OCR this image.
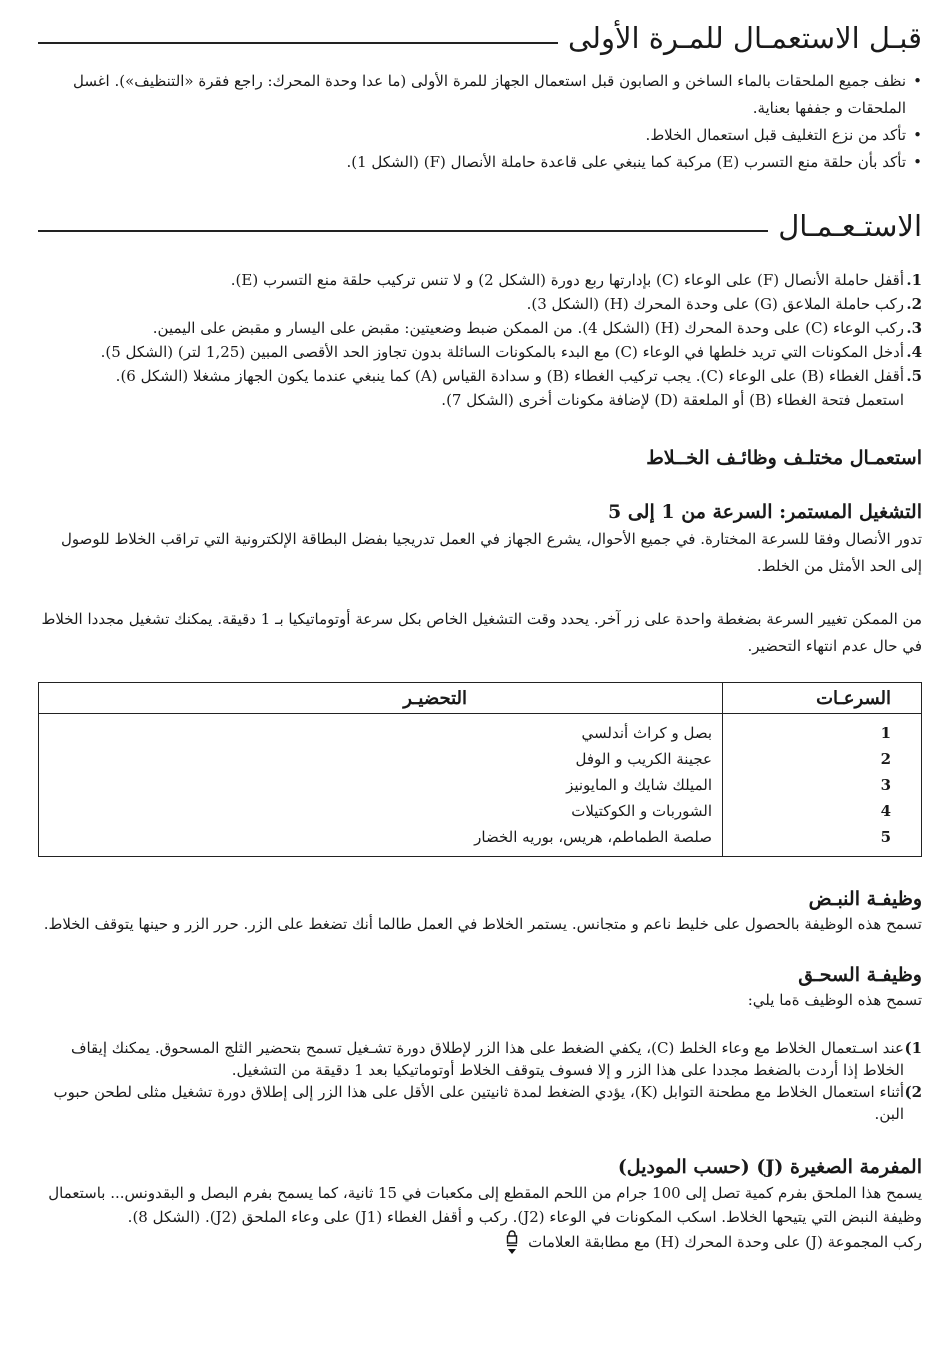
قبـل الاستعمـال للمـرة الأولى
• نظف جميع الملحقات بالماء الساخن و الصابون قبل استعمال الجهاز للمرة الأولى (ما عدا وحدة المحرك: راجع فقرة «التنظيف»). اغسل الملحقات و جففها بعناية.
• تأكد من نزع التغليف قبل استعمال الخلاط.
• تأكد بأن حلقة منع التسرب (E) مركبة كما ينبغي على قاعدة حاملة الأنصال (F) (الشكل 1).
الاستـعـمـال
1.
أقفل حاملة الأنصال (F) على الوعاء (C) بإدارتها ربع دورة (الشكل 2) و لا تنس تركيب حلقة منع التسرب (E).
2.
ركب حاملة الملاعق (G) على وحدة المحرك (H) (الشكل 3).
3.
ركب الوعاء (C) على وحدة المحرك (H) (الشكل 4). من الممكن ضبط وضعيتين: مقبض على اليسار و مقبض على اليمين.
4.
أدخل المكونات التي تريد خلطها في الوعاء (C) مع البدء بالمكونات السائلة بدون تجاوز الحد الأقصى المبين (1,25 لتر) (الشكل 5).
5.
أقفل الغطاء (B) على الوعاء (C). يجب تركيب الغطاء (B) و سدادة القياس (A) كما ينبغي عندما يكون الجهاز مشغلا (الشكل 6).

استعمل فتحة الغطاء (B) أو الملعقة (D) لإضافة مكونات أخرى (الشكل 7).

استعمـال مختلـف وظائـف الخــلاط
التشغيل المستمر: السرعة من 1 إلى 5

تدور الأنصال وفقا للسرعة المختارة. في جميع الأحوال، يشرع الجهاز في العمل تدريجيا بفضل البطاقة الإلكترونية التي تراقب الخلاط للوصول إلى الحد الأمثل من الخلط.

من الممكن تغيير السرعة بضغطة واحدة على زر آخر. يحدد وقت التشغيل الخاص بكل سرعة أوتوماتيكيا بـ 1 دقيقة. يمكنك تشغيل مجددا الخلاط في حال عدم انتهاء التحضير.

السرعـات	التحضيـر
1	بصل و كراث أندلسي
2	عجينة الكريب و الوفل
3	الميلك شايك و المايونيز
4	الشوربات و الكوكتيلات
5	صلصة الطماطم، هريس، بوريه الخضار
وظيفـة النبـض

تسمح هذه الوظيفة بالحصول على خليط ناعم و متجانس. يستمر الخلاط في العمل طالما أنك تضغط على الزر. حرر الزر و حينها يتوقف الخلاط.

وظيفـة السحـق

تسمح هذه الوظيف ةما يلي:

1)
عند اسـتعمال الخلاط مع وعاء الخلط (C)، يكفي الضغط على هذا الزر لإطلاق دورة تشـغيل تسمح بتحضير الثلج المسحوق. يمكنك إيقاف الخلاط إذا أردت بالضغط مجددا على هذا الزر و إلا فسوف يتوقف الخلاط أوتوماتيكيا بعد 1 دقيقة من التشغيل.
2)
أثناء استعمال الخلاط مع مطحنة التوابل (K)، يؤدي الضغط لمدة ثانيتين على الأقل على هذا الزر إلى إطلاق دورة تشغيل مثلى لطحن حبوب البن.
المفرمة الصغيرة (J) (حسب الموديل)

يسمح هذا الملحق بفرم كمية تصل إلى 100 جرام من اللحم المقطع إلى مكعبات في 15 ثانية، كما يسمح بفرم البصل و البقدونس... باستعمال وظيفة النبض التي يتيحها الخلاط. اسكب المكونات في الوعاء (J2). ركب و أقفل الغطاء (J1) على وعاء الملحق (J2). (الشكل 8).

ركب المجموعة (J) على وحدة المحرك (H) مع مطابقة العلامات
